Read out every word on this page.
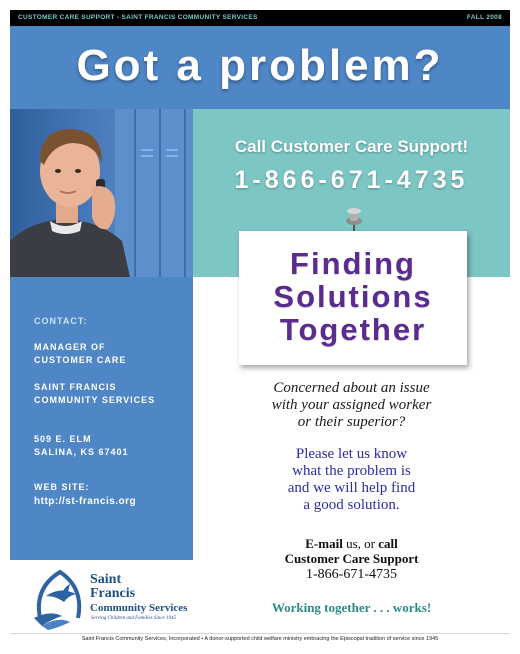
CUSTOMER CARE SUPPORT - SAINT FRANCIS COMMUNITY SERVICES	FALL 2008
Got a problem?
Call Customer Care Support!
1-866-671-4735
CONTACT:
MANAGER OF
CUSTOMER CARE
SAINT FRANCIS
COMMUNITY SERVICES
509 E. ELM
SALINA, KS 67401
WEB SITE:
http://st-francis.org
Saint
Francis
Community Services
Serving Children and Families Since 1945
Finding
Solutions
Together
Concerned about an issue
with your assigned worker
or their superior?
Please let us know
what the problem is
and we will help find
a good solution.
E-mail us, or call
Customer Care Support
1-866-671-4735
Working together . . . works!
Saint Francis Community Services, Incorporated • A donor-supported child welfare ministry embracing the Episcopal tradition of service since 1945
